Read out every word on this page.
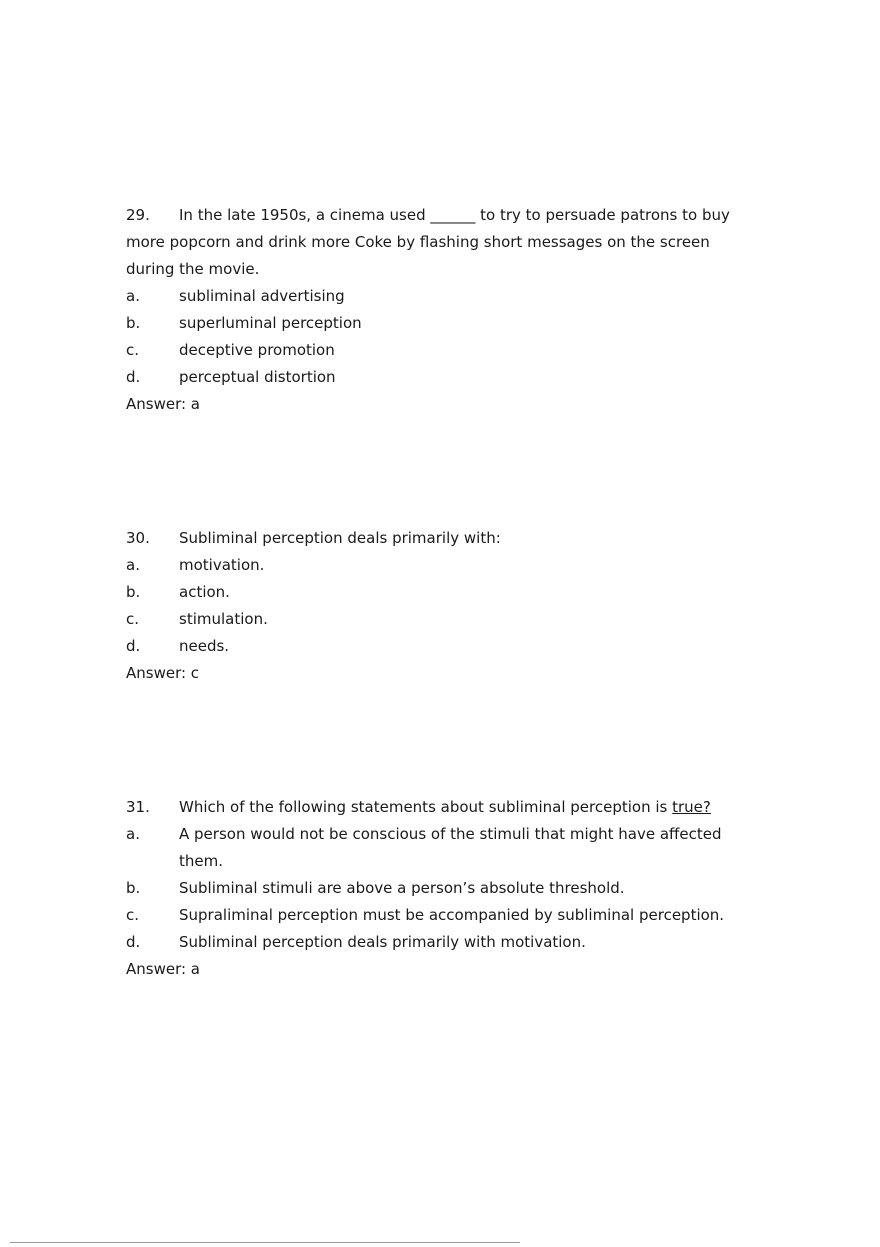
29.	In the late 1950s, a cinema used ______ to try to persuade patrons to buy
more popcorn and drink more Coke by flashing short messages on the screen during the movie.
a.	subliminal advertising
b.	superluminal perception
c.	deceptive promotion
d.	perceptual distortion
Answer: a
30.	Subliminal perception deals primarily with:
a.	motivation.
b.	action.
c.	stimulation.
d.	needs.
Answer: c
31.	Which of the following statements about subliminal perception is true?
a.	A person would not be conscious of the stimuli that might have affected them.
b.	Subliminal stimuli are above a person’s absolute threshold.
c.	Supraliminal perception must be accompanied by subliminal perception.
d.	Subliminal perception deals primarily with motivation.
Answer: a
